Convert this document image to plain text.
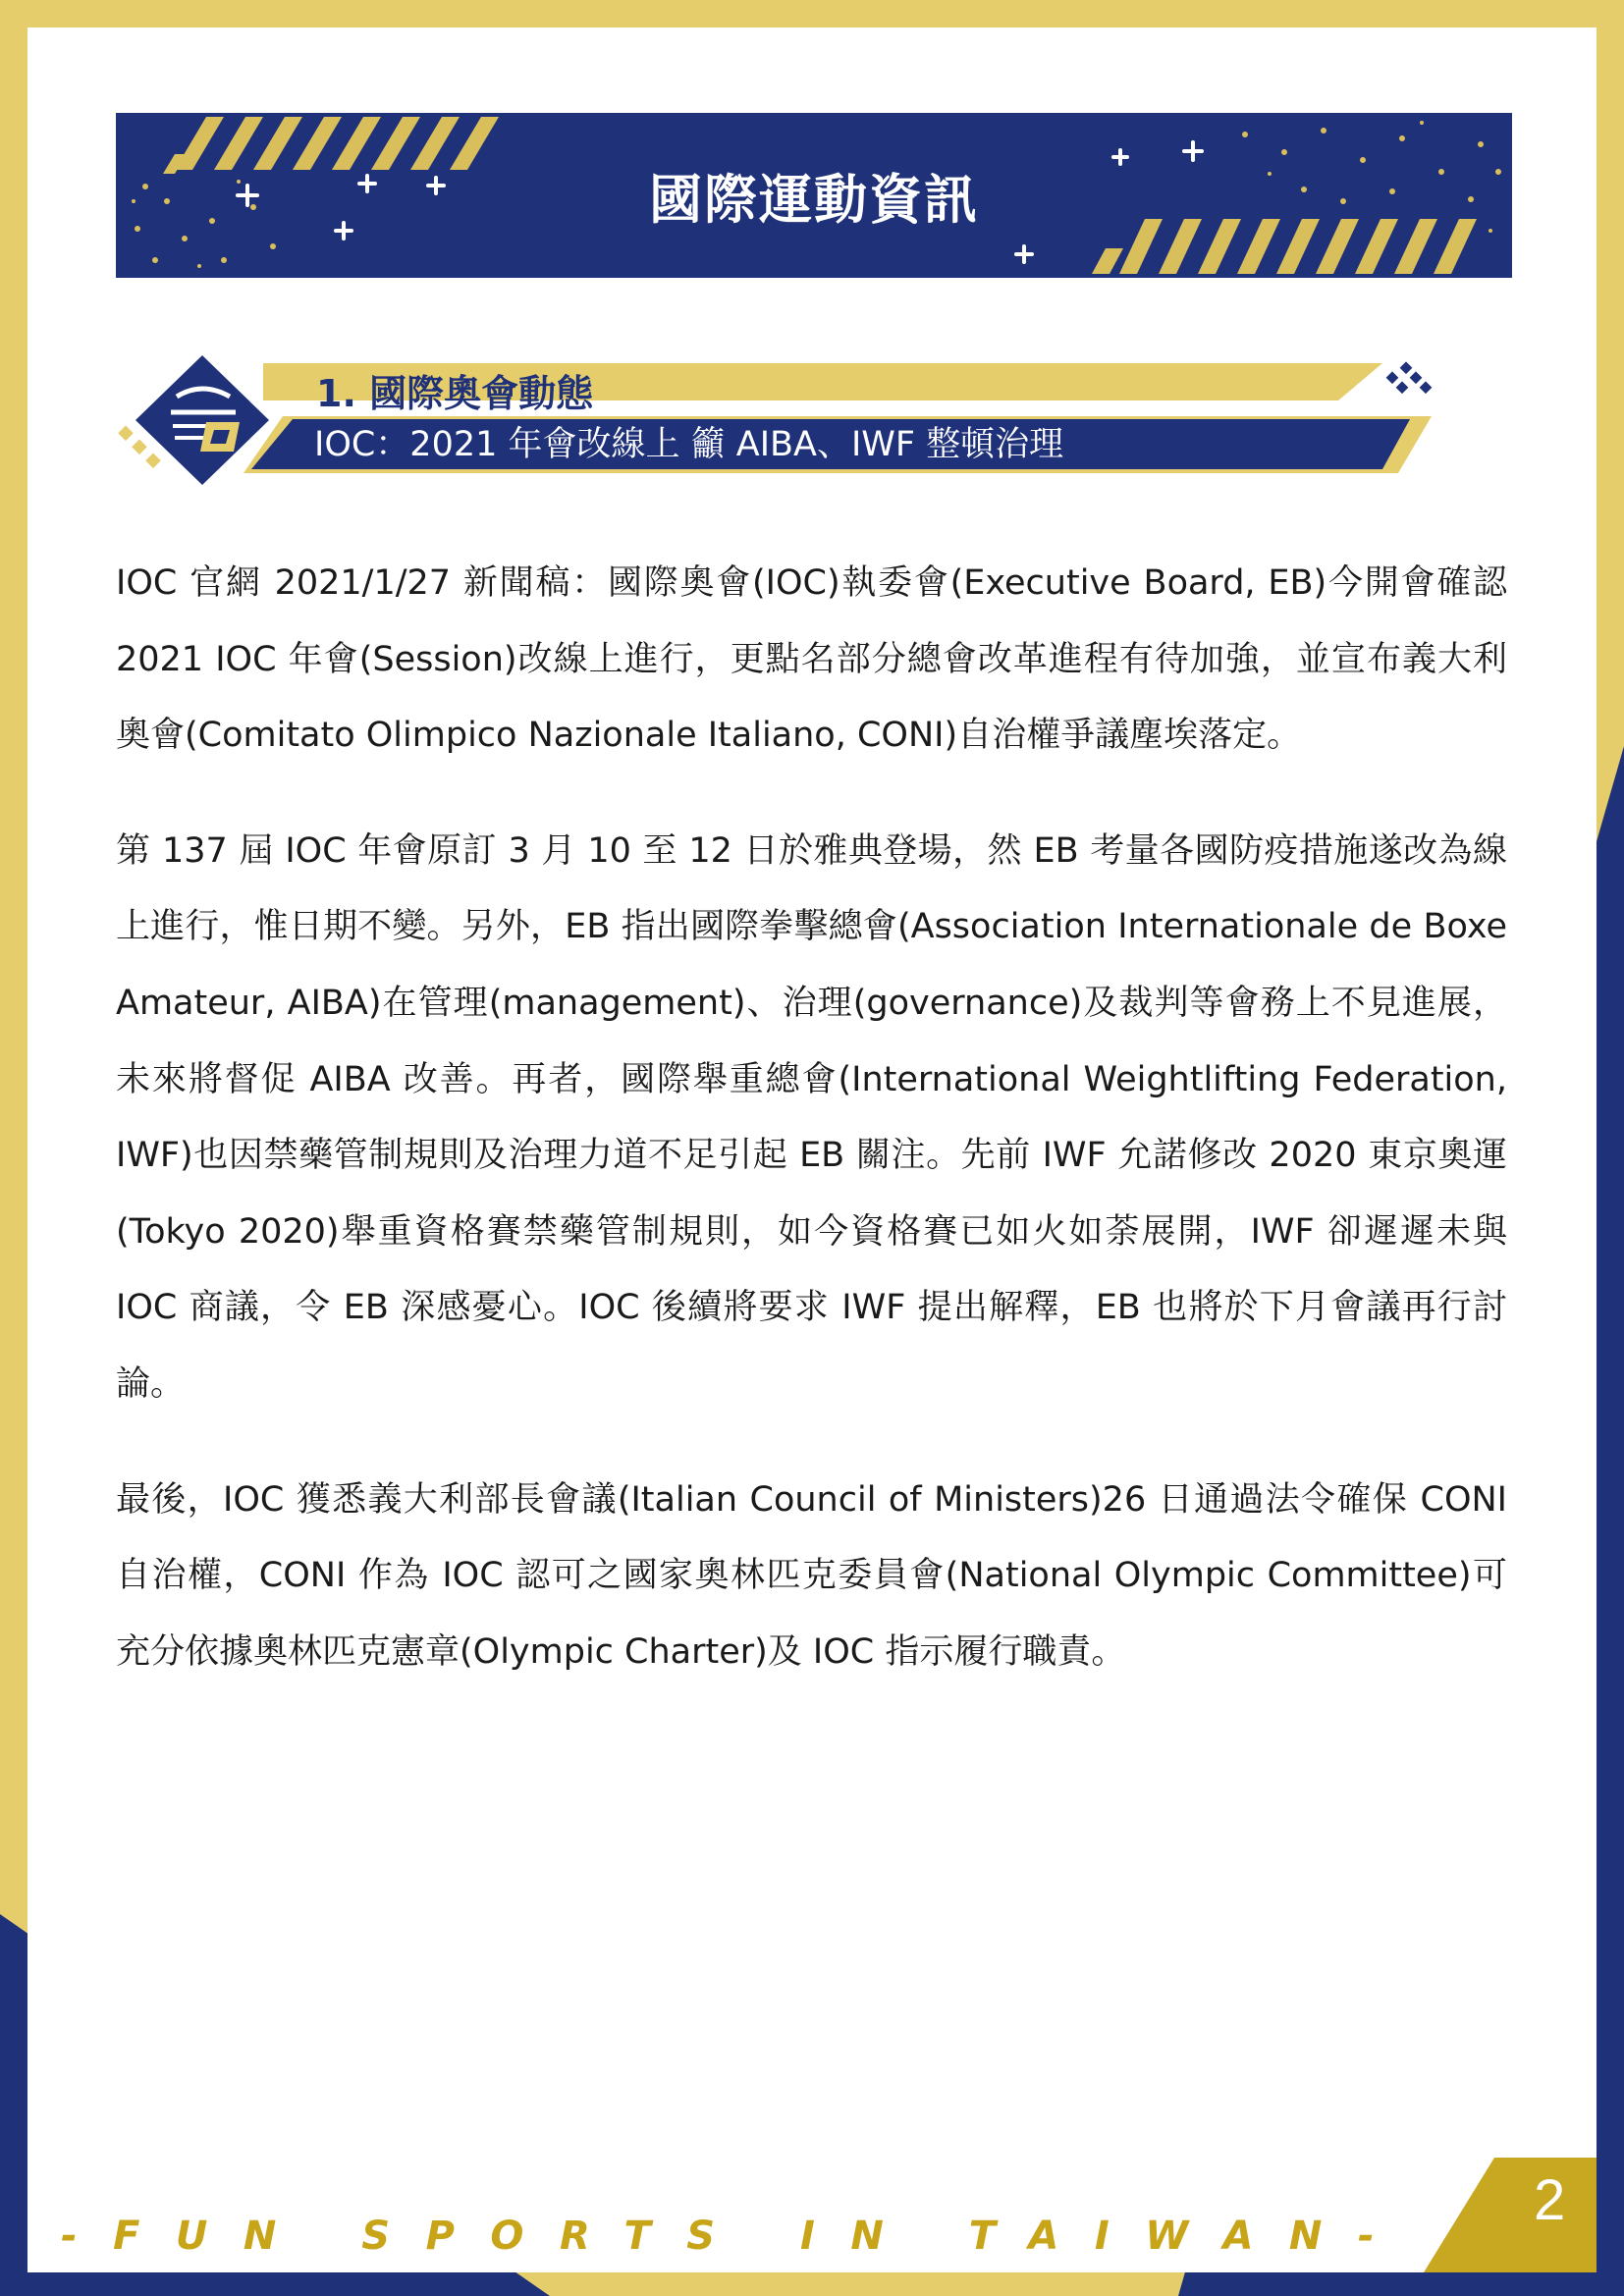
國際運動資訊
1. 國際奧會動態
IOC：2021 年會改線上 籲 AIBA、IWF 整頓治理

IOC 官網 2021/1/27 新聞稿：國際奧會(IOC)執委會(Executive Board, EB)今開會確認 2021 IOC 年會(Session)改線上進行，更點名部分總會改革進程有待加強，並宣布義大利奧會(Comitato Olimpico Nazionale Italiano, CONI)自治權爭議塵埃落定。

第 137 屆 IOC 年會原訂 3 月 10 至 12 日於雅典登場，然 EB 考量各國防疫措施遂改為線上進行，惟日期不變。另外，EB 指出國際拳擊總會(Association Internationale de Boxe Amateur, AIBA)在管理(management)、治理(governance)及裁判等會務上不見進展，未來將督促 AIBA 改善。再者，國際舉重總會(International Weightlifting Federation, IWF)也因禁藥管制規則及治理力道不足引起 EB 關注。先前 IWF 允諾修改 2020 東京奧運(Tokyo 2020)舉重資格賽禁藥管制規則，如今資格賽已如火如荼展開，IWF 卻遲遲未與 IOC 商議，令 EB 深感憂心。IOC 後續將要求 IWF 提出解釋，EB 也將於下月會議再行討論。

最後，IOC 獲悉義大利部長會議(Italian Council of Ministers)26 日通過法令確保 CONI 自治權，CONI 作為 IOC 認可之國家奧林匹克委員會(National Olympic Committee)可充分依據奧林匹克憲章(Olympic Charter)及 IOC 指示履行職責。

-FUN SPORTS IN TAIWAN-
2
